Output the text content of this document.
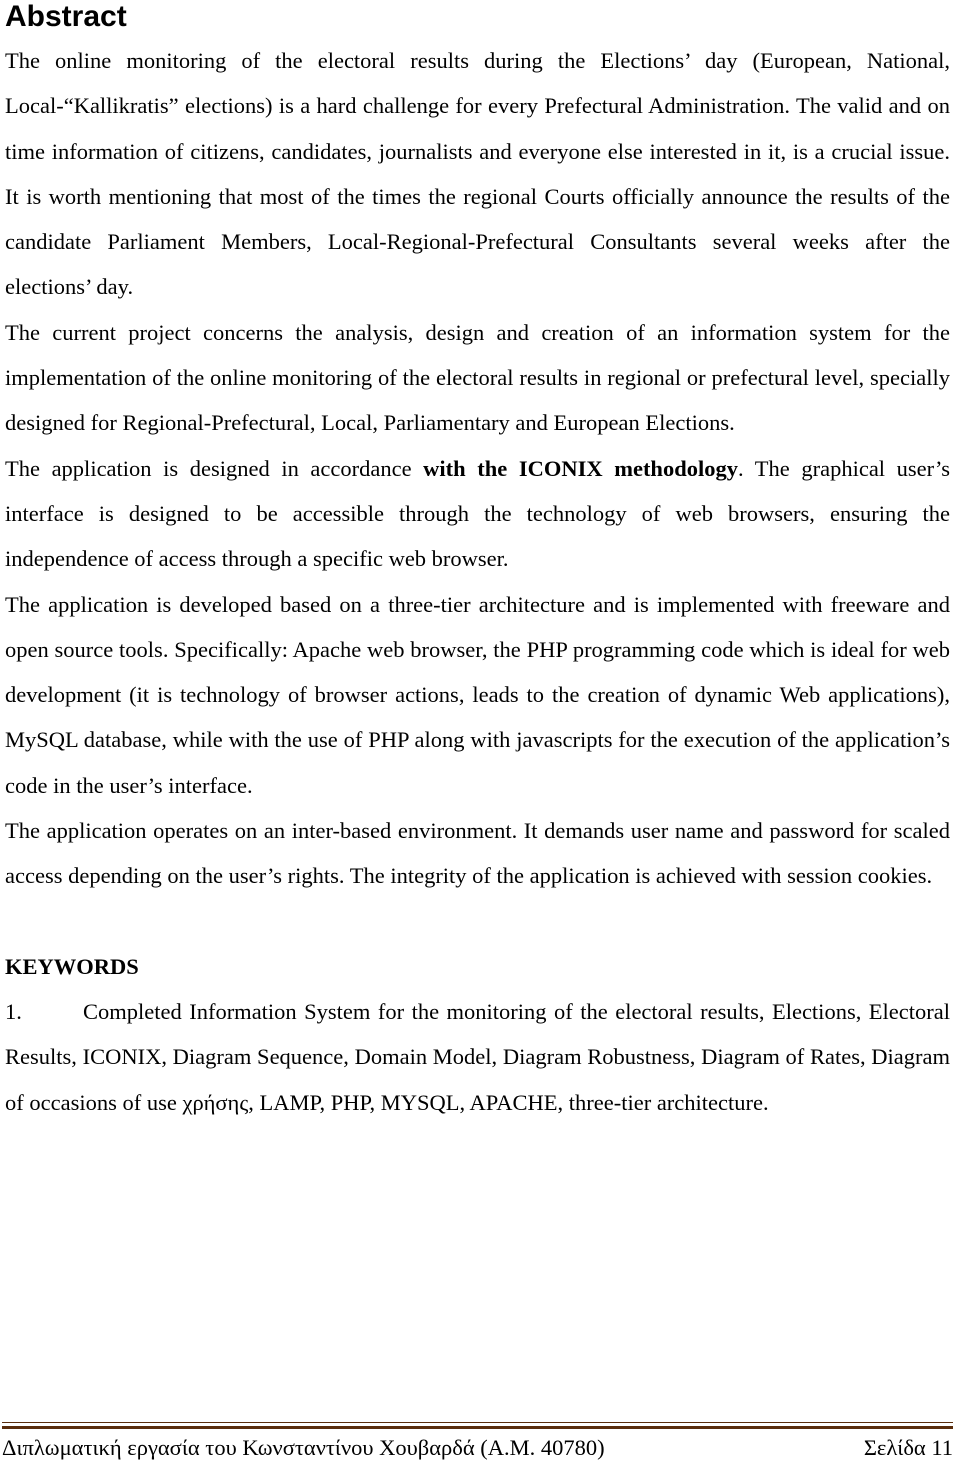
Abstract

The online monitoring of the electoral results during the Elections’ day (European, National, Local-“Kallikratis” elections) is a hard challenge for every Prefectural Administration. The valid and on time information of citizens, candidates, journalists and everyone else interested in it, is a crucial issue. It is worth mentioning that most of the times the regional Courts officially announce the results of the candidate Parliament Members, Local-Regional-Prefectural Consultants several weeks after the elections’ day.

The current project concerns the analysis, design and creation of an information system for the implementation of the online monitoring of the electoral results in regional or prefectural level, specially designed for Regional-Prefectural, Local, Parliamentary and European Elections.

The application is designed in accordance with the ICONIX methodology. The graphical user’s interface is designed to be accessible through the technology of web browsers, ensuring the independence of access through a specific web browser.

The application is developed based on a three-tier architecture and is implemented with freeware and open source tools. Specifically: Apache web browser, the PHP programming code which is ideal for web development (it is technology of browser actions, leads to the creation of dynamic Web applications), MySQL database, while with the use of PHP along with javascripts for the execution of the application’s code in the user’s interface.

The application operates on an inter-based environment. It demands user name and password for scaled access depending on the user’s rights. The integrity of the application is achieved with session cookies.

KEYWORDS

1.	Completed Information System for the monitoring of the electoral results, Elections, Electoral Results, ICONIX, Diagram Sequence, Domain Model, Diagram Robustness, Diagram of Rates, Diagram of occasions of use χρήσης, LAMP, PHP, MYSQL, APACHE, three-tier architecture.

Διπλωματική εργασία του Κωνσταντίνου Χουβαρδά (Α.Μ. 40780)	Σελίδα 11
